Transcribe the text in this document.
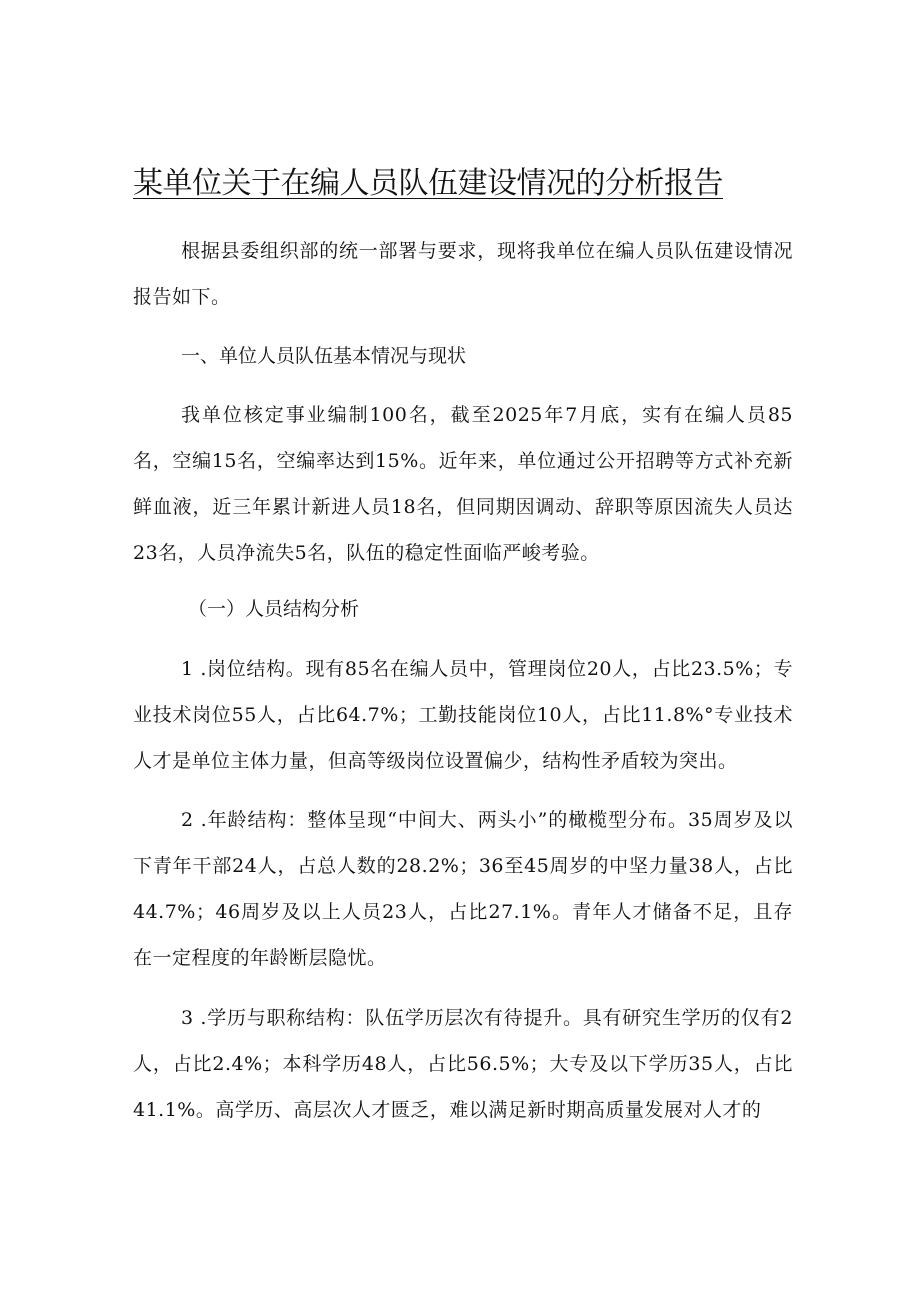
某单位关于在编人员队伍建设情况的分析报告

根据县委组织部的统一部署与要求，现将我单位在编人员队伍建设情况报告如下。

一、单位人员队伍基本情况与现状

我单位核定事业编制100名，截至2025年7月底，实有在编人员85名，空编15名，空编率达到15%。近年来，单位通过公开招聘等方式补充新鲜血液，近三年累计新进人员18名，但同期因调动、辞职等原因流失人员达23名，人员净流失5名，队伍的稳定性面临严峻考验。

（一）人员结构分析

1 .岗位结构。现有85名在编人员中，管理岗位20人，占比23.5%；专业技术岗位55人，占比64.7%；工勤技能岗位10人，占比11.8%°专业技术人才是单位主体力量，但高等级岗位设置偏少，结构性矛盾较为突出。

2 .年龄结构：整体呈现“中间大、两头小”的橄榄型分布。35周岁及以下青年干部24人，占总人数的28.2%；36至45周岁的中坚力量38人，占比44.7%；46周岁及以上人员23人，占比27.1%。青年人才储备不足，且存在一定程度的年龄断层隐忧。

3 .学历与职称结构：队伍学历层次有待提升。具有研究生学历的仅有2人，占比2.4%；本科学历48人，占比56.5%；大专及以下学历35人，占比41.1%。高学历、高层次人才匮乏，难以满足新时期高质量发展对人才的
